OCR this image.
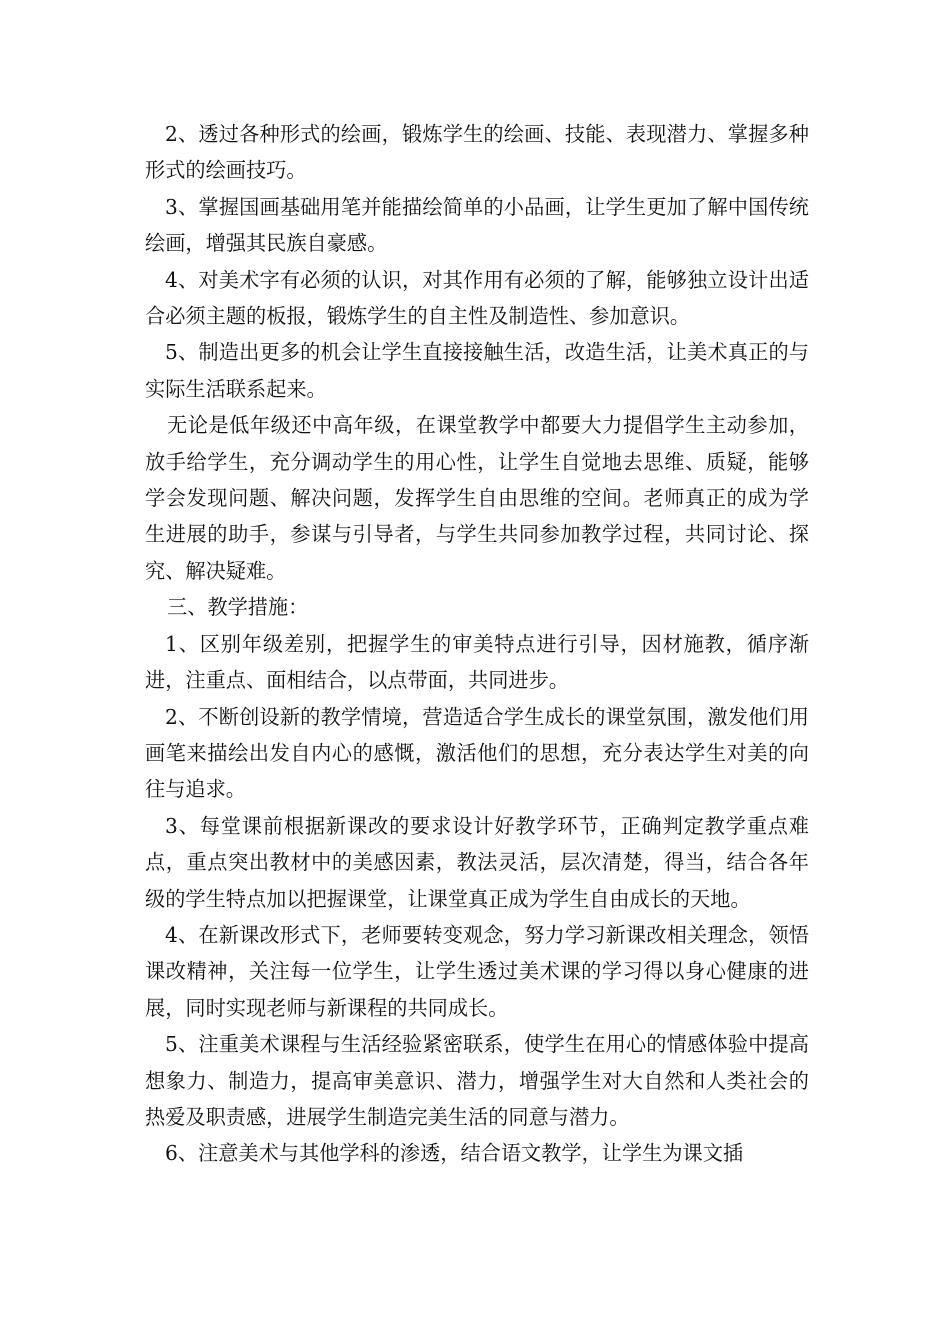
2、透过各种形式的绘画，锻炼学生的绘画、技能、表现潜力、掌握多种形式的绘画技巧。

3、掌握国画基础用笔并能描绘简单的小品画，让学生更加了解中国传统绘画，增强其民族自豪感。

4、对美术字有必须的认识，对其作用有必须的了解，能够独立设计出适合必须主题的板报，锻炼学生的自主性及制造性、参加意识。

5、制造出更多的机会让学生直接接触生活，改造生活，让美术真正的与实际生活联系起来。

无论是低年级还中高年级，在课堂教学中都要大力提倡学生主动参加，放手给学生，充分调动学生的用心性，让学生自觉地去思维、质疑，能够学会发现问题、解决问题，发挥学生自由思维的空间。老师真正的成为学生进展的助手，参谋与引导者，与学生共同参加教学过程，共同讨论、探究、解决疑难。

三、教学措施：

1、区别年级差别，把握学生的审美特点进行引导，因材施教，循序渐进，注重点、面相结合，以点带面，共同进步。

2、不断创设新的教学情境，营造适合学生成长的课堂氛围，激发他们用画笔来描绘出发自内心的感慨，激活他们的思想，充分表达学生对美的向往与追求。

3、每堂课前根据新课改的要求设计好教学环节，正确判定教学重点难点，重点突出教材中的美感因素，教法灵活，层次清楚，得当，结合各年级的学生特点加以把握课堂，让课堂真正成为学生自由成长的天地。

4、在新课改形式下，老师要转变观念，努力学习新课改相关理念，领悟课改精神，关注每一位学生，让学生透过美术课的学习得以身心健康的进展，同时实现老师与新课程的共同成长。

5、注重美术课程与生活经验紧密联系，使学生在用心的情感体验中提高想象力、制造力，提高审美意识、潜力，增强学生对大自然和人类社会的热爱及职责感，进展学生制造完美生活的同意与潜力。

6、注意美术与其他学科的渗透，结合语文教学，让学生为课文插
